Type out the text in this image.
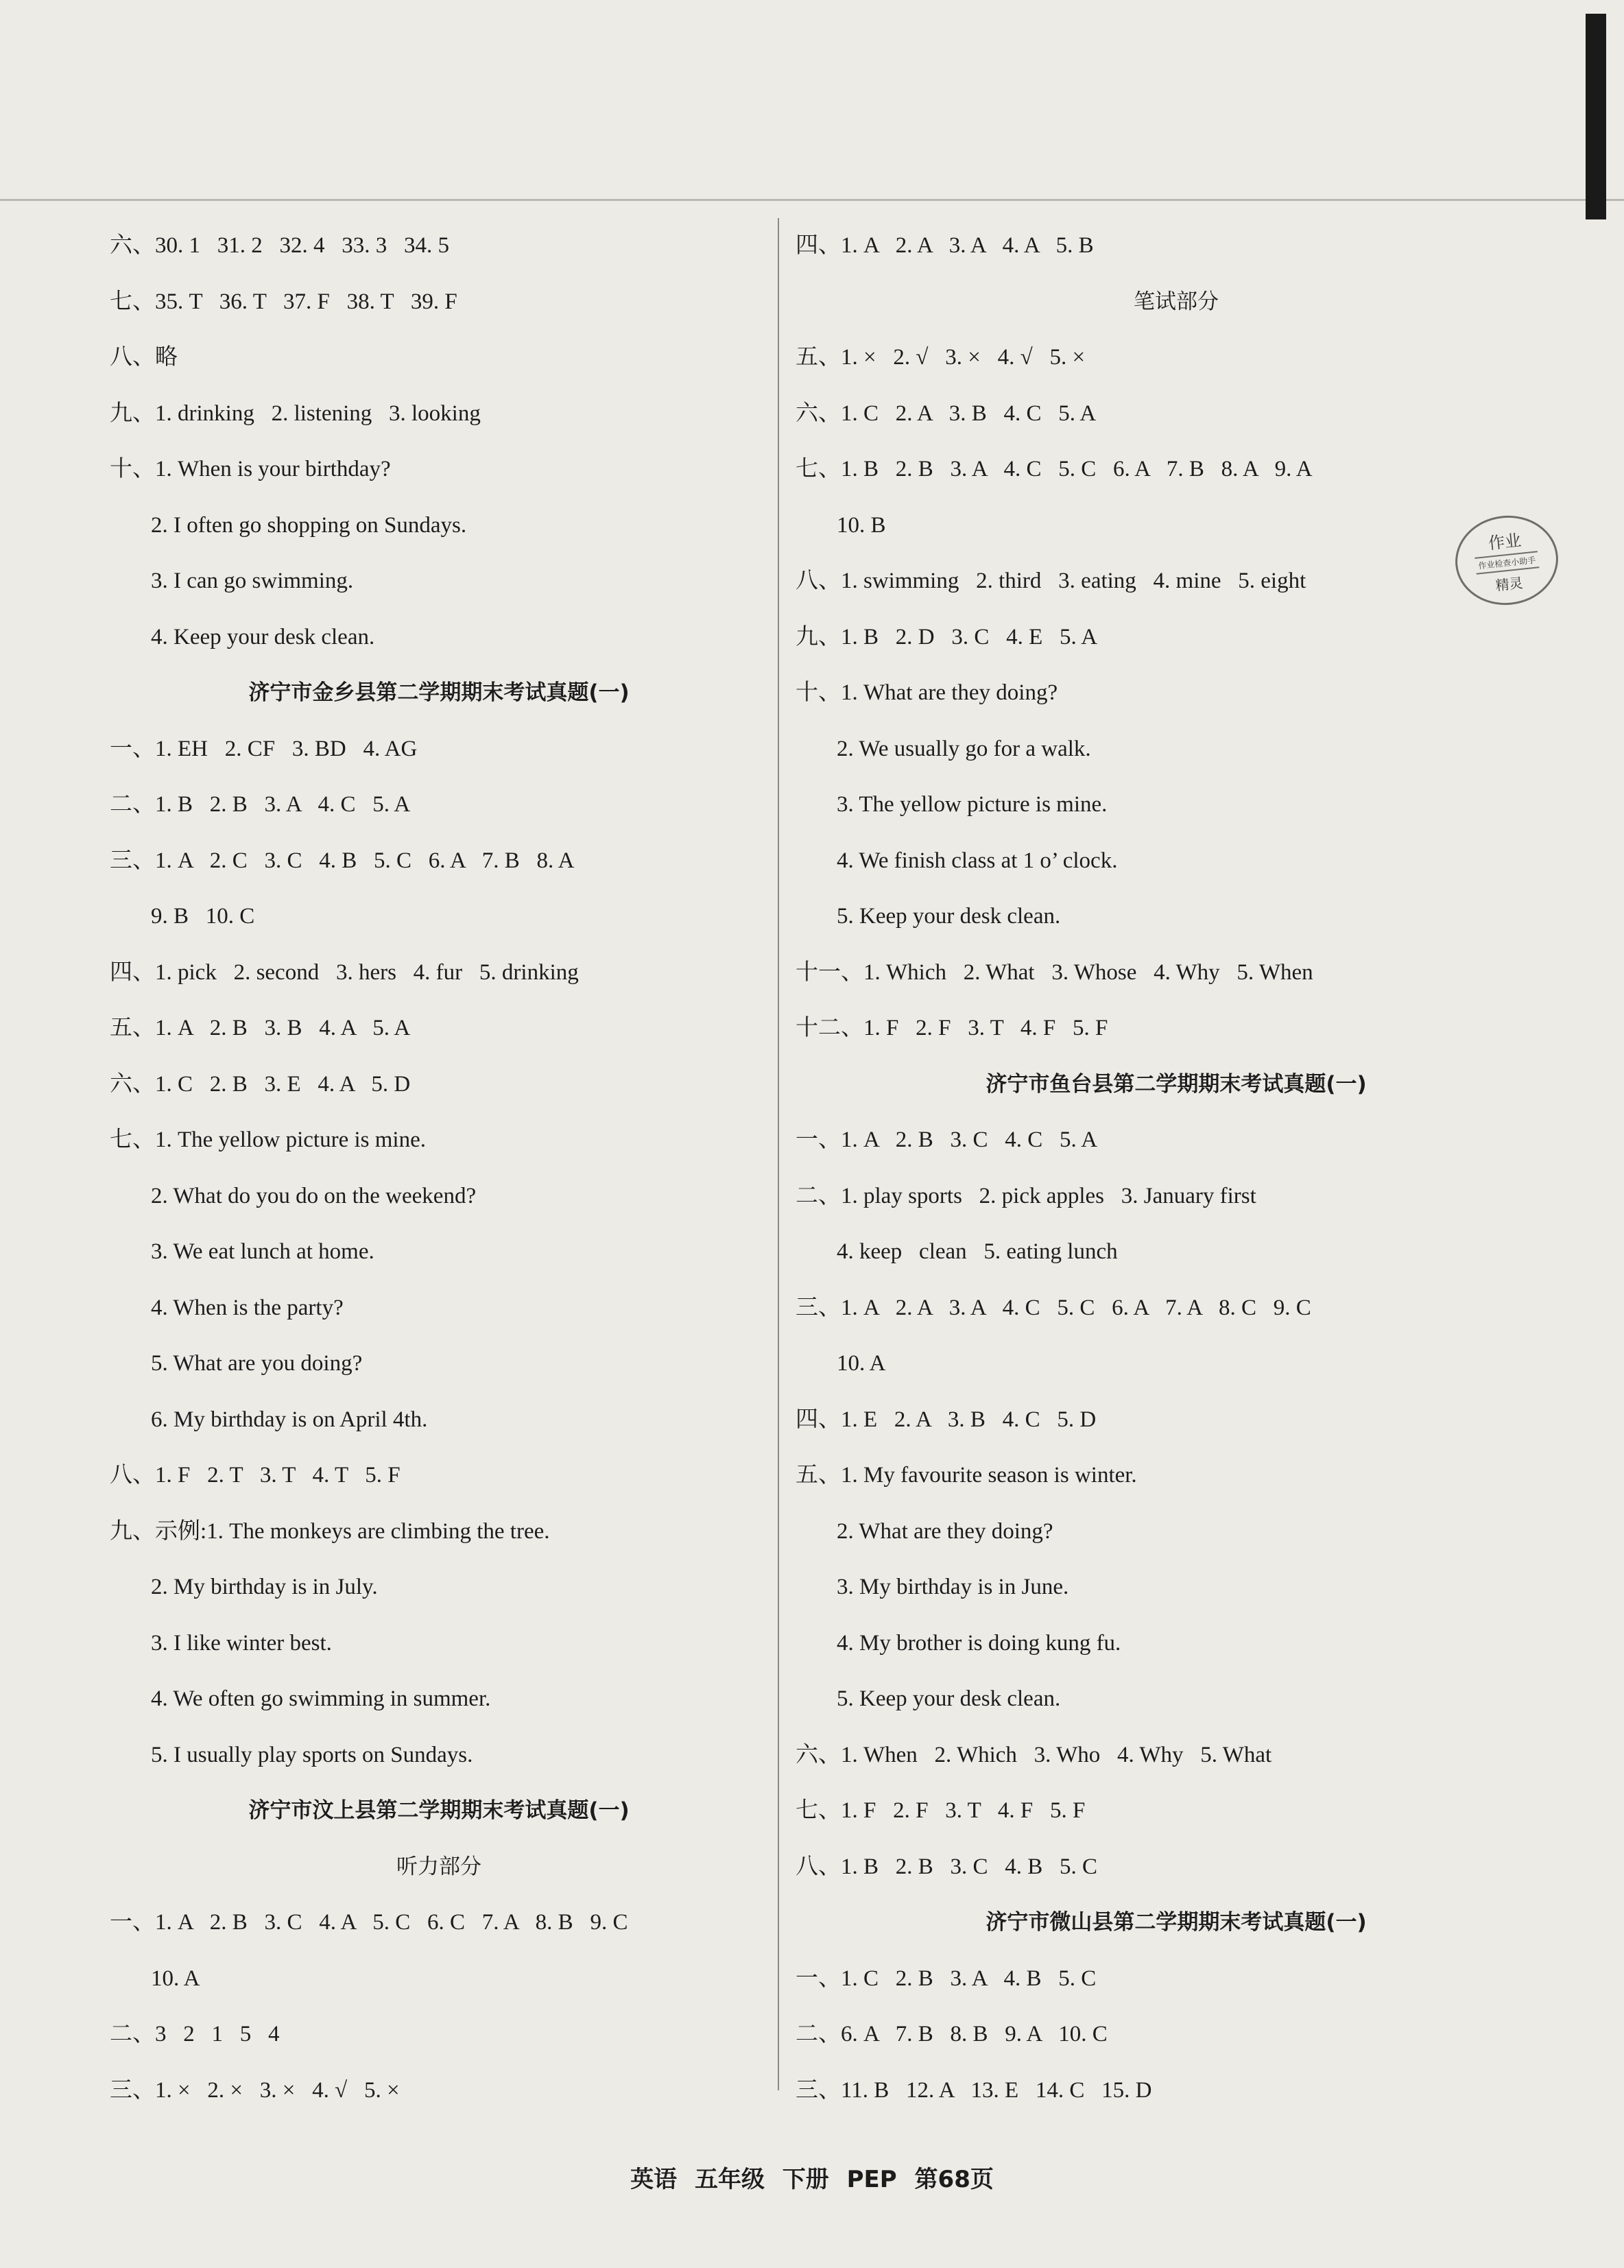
六、30. 1   31. 2   32. 4   33. 3   34. 5
七、35. T   36. T   37. F   38. T   39. F
八、略
九、1. drinking   2. listening   3. looking
十、1. When is your birthday?
2. I often go shopping on Sundays.
3. I can go swimming.
4. Keep your desk clean.
济宁市金乡县第二学期期末考试真题(一)
一、1. EH   2. CF   3. BD   4. AG
二、1. B   2. B   3. A   4. C   5. A
三、1. A   2. C   3. C   4. B   5. C   6. A   7. B   8. A
9. B   10. C
四、1. pick   2. second   3. hers   4. fur   5. drinking
五、1. A   2. B   3. B   4. A   5. A
六、1. C   2. B   3. E   4. A   5. D
七、1. The yellow picture is mine.
2. What do you do on the weekend?
3. We eat lunch at home.
4. When is the party?
5. What are you doing?
6. My birthday is on April 4th.
八、1. F   2. T   3. T   4. T   5. F
九、示例:1. The monkeys are climbing the tree.
2. My birthday is in July.
3. I like winter best.
4. We often go swimming in summer.
5. I usually play sports on Sundays.
济宁市汶上县第二学期期末考试真题(一)
听力部分
一、1. A   2. B   3. C   4. A   5. C   6. C   7. A   8. B   9. C
10. A
二、3   2   1   5   4
三、1. ×   2. ×   3. ×   4. √   5. ×
四、1. A   2. A   3. A   4. A   5. B
笔试部分
五、1. ×   2. √   3. ×   4. √   5. ×
六、1. C   2. A   3. B   4. C   5. A
七、1. B   2. B   3. A   4. C   5. C   6. A   7. B   8. A   9. A
10. B
八、1. swimming   2. third   3. eating   4. mine   5. eight
九、1. B   2. D   3. C   4. E   5. A
十、1. What are they doing?
2. We usually go for a walk.
3. The yellow picture is mine.
4. We finish class at 1 o’ clock.
5. Keep your desk clean.
十一、1. Which   2. What   3. Whose   4. Why   5. When
十二、1. F   2. F   3. T   4. F   5. F
济宁市鱼台县第二学期期末考试真题(一)
一、1. A   2. B   3. C   4. C   5. A
二、1. play sports   2. pick apples   3. January first
4. keep   clean   5. eating lunch
三、1. A   2. A   3. A   4. C   5. C   6. A   7. A   8. C   9. C
10. A
四、1. E   2. A   3. B   4. C   5. D
五、1. My favourite season is winter.
2. What are they doing?
3. My birthday is in June.
4. My brother is doing kung fu.
5. Keep your desk clean.
六、1. When   2. Which   3. Who   4. Why   5. What
七、1. F   2. F   3. T   4. F   5. F
八、1. B   2. B   3. C   4. B   5. C
济宁市微山县第二学期期末考试真题(一)
一、1. C   2. B   3. A   4. B   5. C
二、6. A   7. B   8. B   9. A   10. C
三、11. B   12. A   13. E   14. C   15. D
作业
作业检查小助手
精灵
英语 五年级 下册 PEP 第68页
